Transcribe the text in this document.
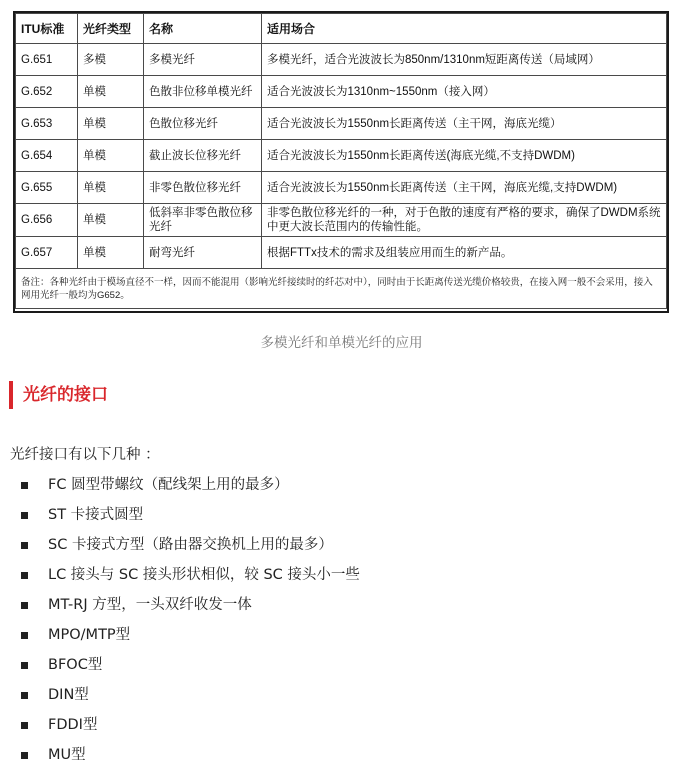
ITU标准	光纤类型	名称	适用场合
G.651	多模	多模光纤	多模光纤，适合光波波长为850nm/1310nm短距离传送（局域网）
G.652	单模	色散非位移单模光纤	适合光波波长为1310nm~1550nm（接入网）
G.653	单模	色散位移光纤	适合光波波长为1550nm长距离传送（主干网，海底光缆）
G.654	单模	截止波长位移光纤	适合光波波长为1550nm长距离传送(海底光缆,不支持DWDM)
G.655	单模	非零色散位移光纤	适合光波波长为1550nm长距离传送（主干网，海底光缆,支持DWDM)
G.656	单模	低斜率非零色散位移光纤	非零色散位移光纤的一种，对于色散的速度有严格的要求，确保了DWDM系统中更大波长范围内的传输性能。
G.657	单模	耐弯光纤	根据FTTx技术的需求及组装应用而生的新产品。
备注：各种光纤由于模场直径不一样，因而不能混用（影响光纤接续时的纤芯对中），同时由于长距离传送光缆价格较贵，在接入网一般不会采用，接入网用光纤一般均为G652。			
多模光纤和单模光纤的应用
光纤的接口
光纤接口有以下几种 ：
FC 圆型带螺纹（配线架上用的最多）
ST 卡接式圆型
SC 卡接式方型（路由器交换机上用的最多）
LC 接头与 SC 接头形状相似，较 SC 接头小一些
MT-RJ 方型，一头双纤收发一体
MPO/MTP型
BFOC型
DIN型
FDDI型
MU型
